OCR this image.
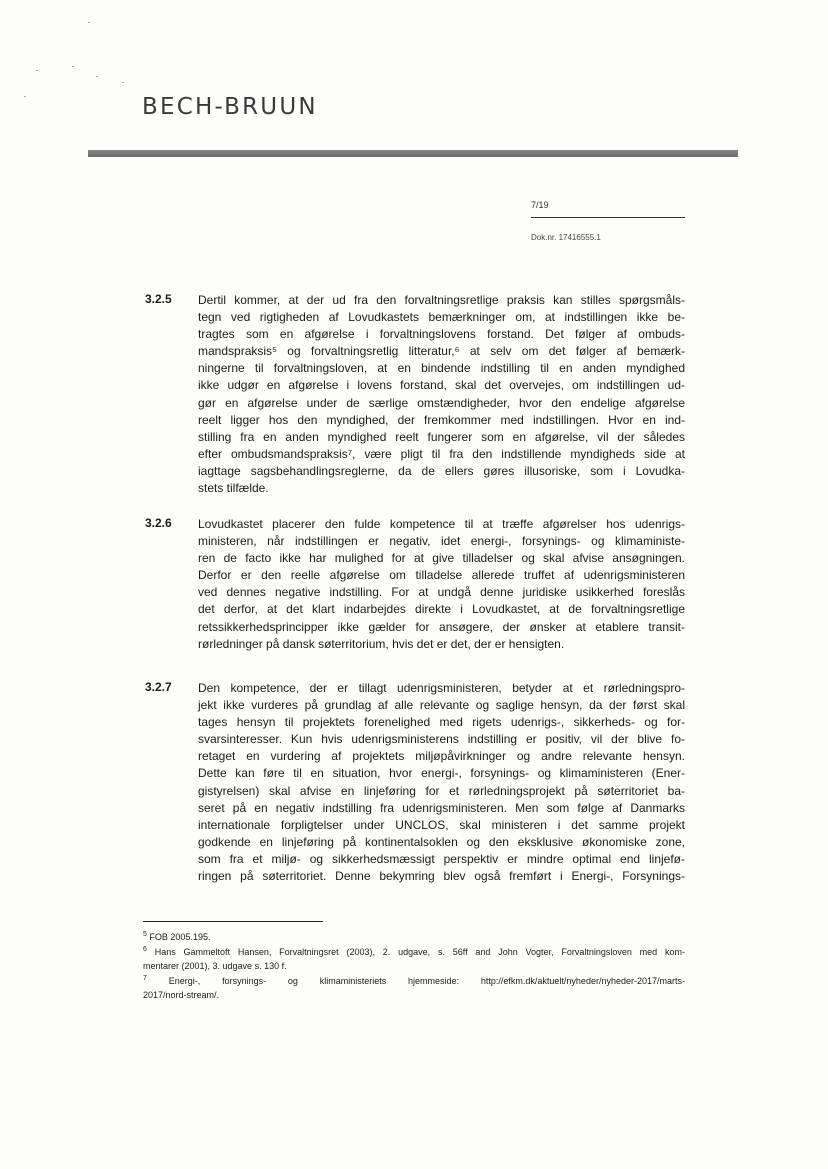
BECH-BRUUN
7/19
Dok.nr. 17416555.1
3.2.5 Dertil kommer, at der ud fra den forvaltningsretlige praksis kan stilles spørgsmåls-
tegn ved rigtigheden af Lovudkastets bemærkninger om, at indstillingen ikke be-
tragtes som en afgørelse i forvaltningslovens forstand. Det følger af ombuds-
mandspraksis⁵ og forvaltningsretlig litteratur,⁶ at selv om det følger af bemærk-
ningerne til forvaltningsloven, at en bindende indstilling til en anden myndighed
ikke udgør en afgørelse i lovens forstand, skal det overvejes, om indstillingen ud-
gør en afgørelse under de særlige omstændigheder, hvor den endelige afgørelse
reelt ligger hos den myndighed, der fremkommer med indstillingen. Hvor en ind-
stilling fra en anden myndighed reelt fungerer som en afgørelse, vil der således
efter ombudsmandspraksis⁷, være pligt til fra den indstillende myndigheds side at
iagttage sagsbehandlingsreglerne, da de ellers gøres illusoriske, som i Lovudka-
stets tilfælde.
3.2.6 Lovudkastet placerer den fulde kompetence til at træffe afgørelser hos udenrigs-
ministeren, når indstillingen er negativ, idet energi-, forsynings- og klimaministe-
ren de facto ikke har mulighed for at give tilladelser og skal afvise ansøgningen.
Derfor er den reelle afgørelse om tilladelse allerede truffet af udenrigsministeren
ved dennes negative indstilling. For at undgå denne juridiske usikkerhed foreslås
det derfor, at det klart indarbejdes direkte i Lovudkastet, at de forvaltningsretlige
retssikkerhedsprincipper ikke gælder for ansøgere, der ønsker at etablere transit-
rørledninger på dansk søterritorium, hvis det er det, der er hensigten.
3.2.7 Den kompetence, der er tillagt udenrigsministeren, betyder at et rørledningspro-
jekt ikke vurderes på grundlag af alle relevante og saglige hensyn, da der først skal
tages hensyn til projektets forenelighed med rigets udenrigs-, sikkerheds- og for-
svarsinteresser. Kun hvis udenrigsministerens indstilling er positiv, vil der blive fo-
retaget en vurdering af projektets miljøpåvirkninger og andre relevante hensyn.
Dette kan føre til en situation, hvor energi-, forsynings- og klimaministeren (Ener-
gistyrelsen) skal afvise en linjeføring for et rørledningsprojekt på søterritoriet ba-
seret på en negativ indstilling fra udenrigsministeren. Men som følge af Danmarks
internationale forpligtelser under UNCLOS, skal ministeren i det samme projekt
godkende en linjeføring på kontinentalsoklen og den eksklusive økonomiske zone,
som fra et miljø- og sikkerhedsmæssigt perspektiv er mindre optimal end linjefø-
ringen på søterritoriet. Denne bekymring blev også fremført i Energi-, Forsynings-
$^5$ FOB 2005.195.
$^6$ Hans Gammeltoft Hansen, Forvaltningsret (2003), 2. udgave, s. 56ff and John Vogter, Forvaltningsloven med kom-
mentarer (2001), 3. udgave s. 130 f.
$^7$ Energi-, forsynings- og klimaministeriets hjemmeside: http://efkm.dk/aktuelt/nyheder/nyheder-2017/marts-
2017/nord-stream/.
